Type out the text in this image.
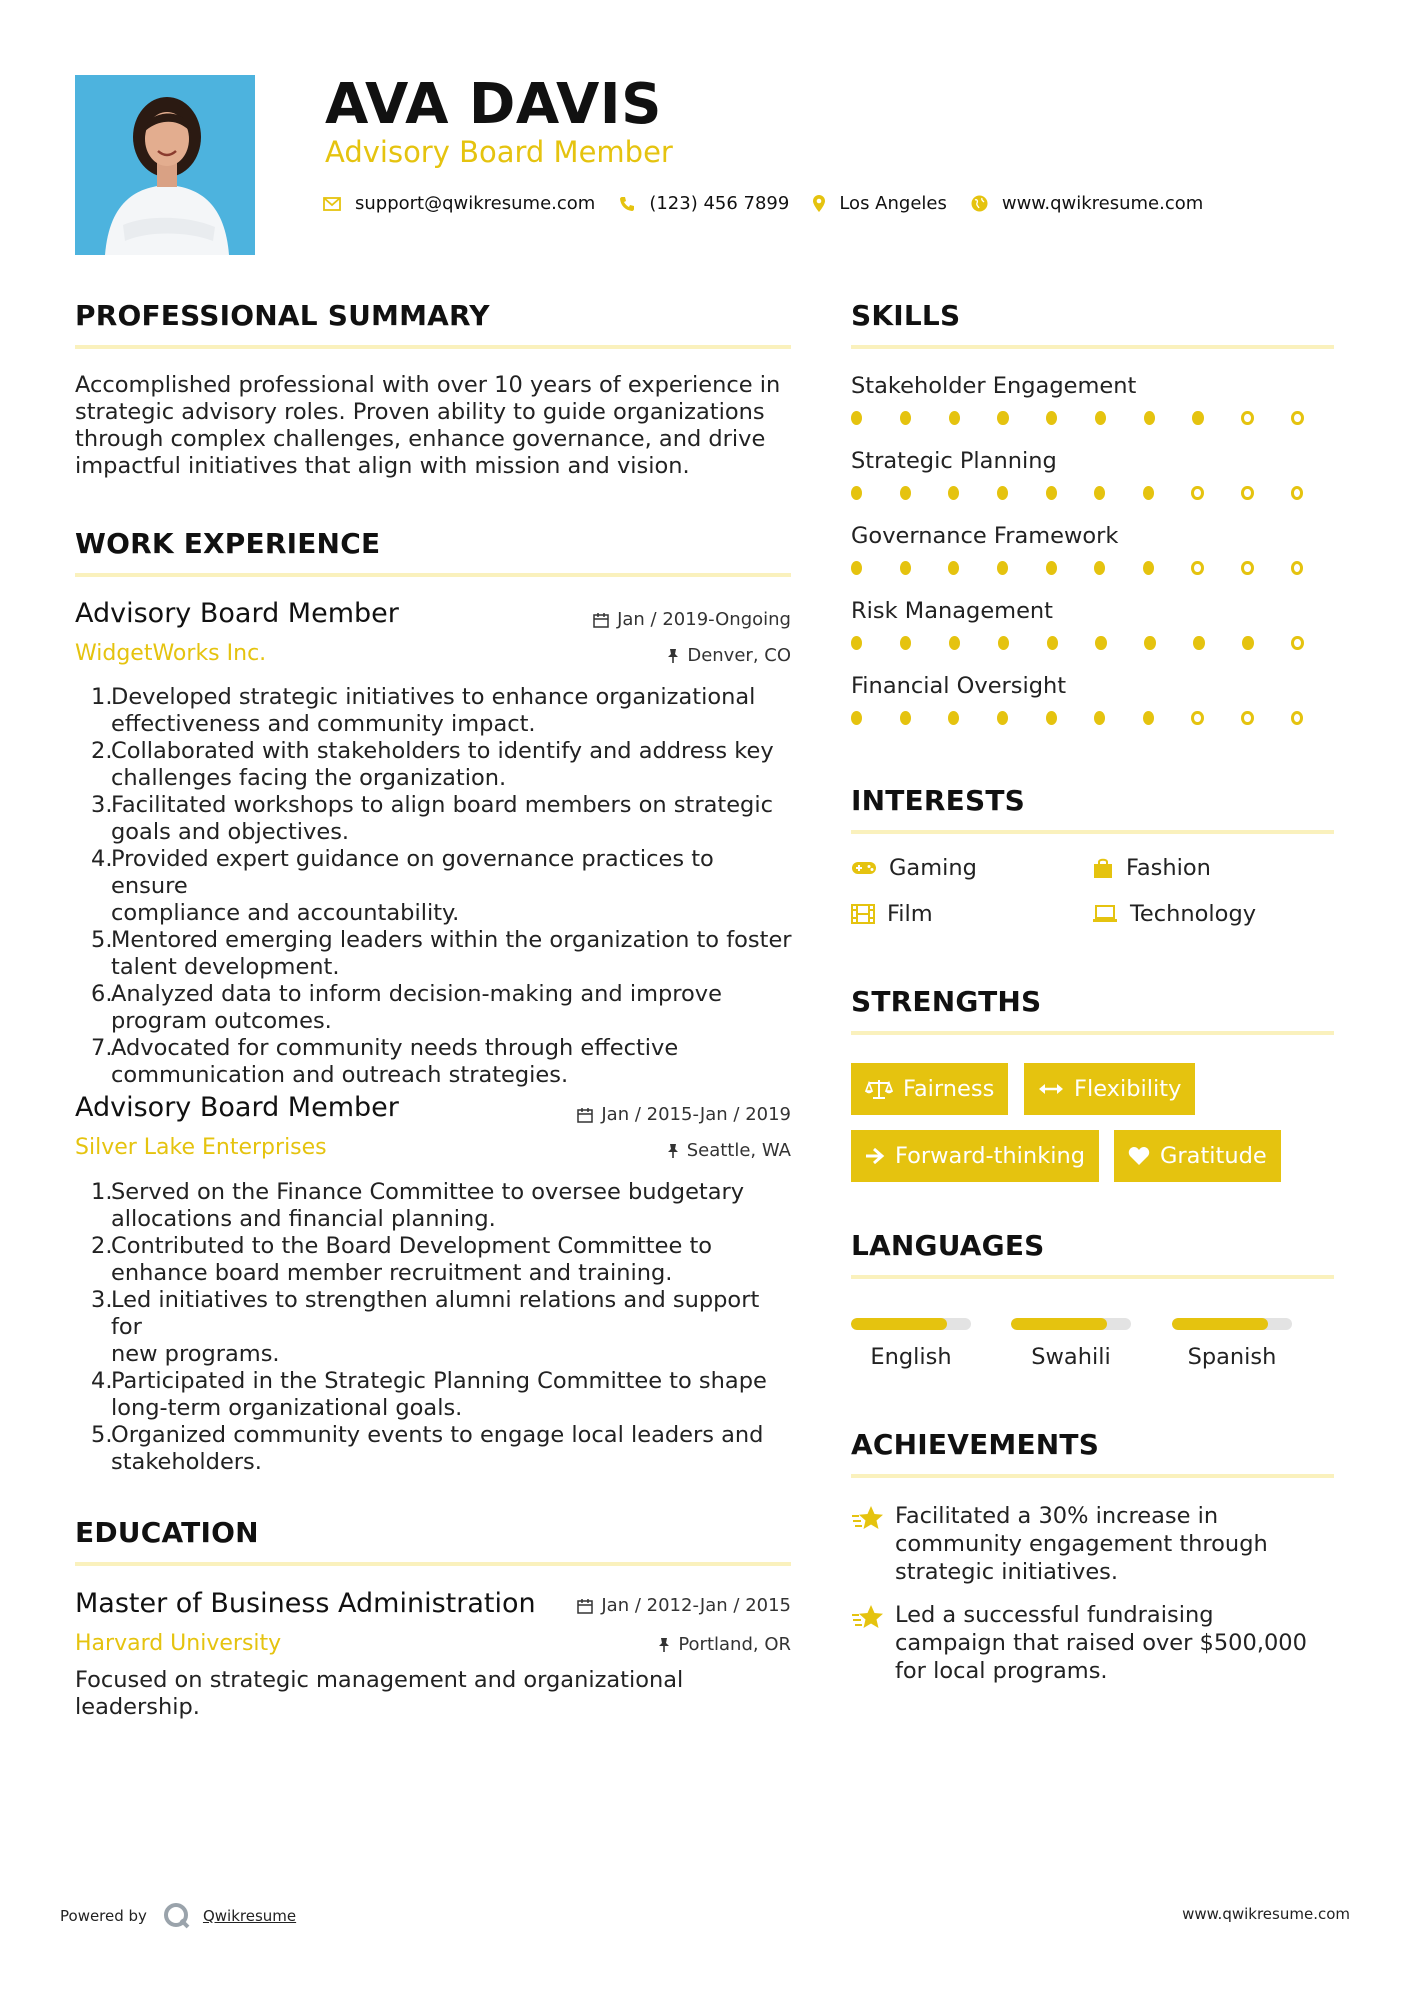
AVA DAVIS
Advisory Board Member
support@qwikresume.com	(123) 456 7899	Los Angeles	www.qwikresume.com
PROFESSIONAL SUMMARY
Accomplished professional with over 10 years of experience in
strategic advisory roles. Proven ability to guide organizations
through complex challenges, enhance governance, and drive
impactful initiatives that align with mission and vision.
WORK EXPERIENCE
Advisory Board Member
WidgetWorks Inc.
Jan / 2019-Ongoing
Denver, CO
Developed strategic initiatives to enhance organizational
effectiveness and community impact.
Collaborated with stakeholders to identify and address key
challenges facing the organization.
Facilitated workshops to align board members on strategic
goals and objectives.
Provided expert guidance on governance practices to ensure
compliance and accountability.
Mentored emerging leaders within the organization to foster
talent development.
Analyzed data to inform decision-making and improve
program outcomes.
Advocated for community needs through effective
communication and outreach strategies.
Advisory Board Member
Silver Lake Enterprises
Jan / 2015-Jan / 2019
Seattle, WA
Served on the Finance Committee to oversee budgetary
allocations and financial planning.
Contributed to the Board Development Committee to
enhance board member recruitment and training.
Led initiatives to strengthen alumni relations and support for
new programs.
Participated in the Strategic Planning Committee to shape
long-term organizational goals.
Organized community events to engage local leaders and
stakeholders.
EDUCATION
Master of Business Administration
Harvard University
Jan / 2012-Jan / 2015
Portland, OR
Focused on strategic management and organizational
leadership.
SKILLS
Stakeholder Engagement
Strategic Planning
Governance Framework
Risk Management
Financial Oversight
INTERESTS
Gaming	Fashion
Film	Technology
STRENGTHS
Fairness	Flexibility
Forward-thinking	Gratitude
LANGUAGES
English	Swahili	Spanish
ACHIEVEMENTS
Facilitated a 30% increase in
community engagement through
strategic initiatives.
Led a successful fundraising
campaign that raised over $500,000
for local programs.
Powered by	Qwikresume	www.qwikresume.com
